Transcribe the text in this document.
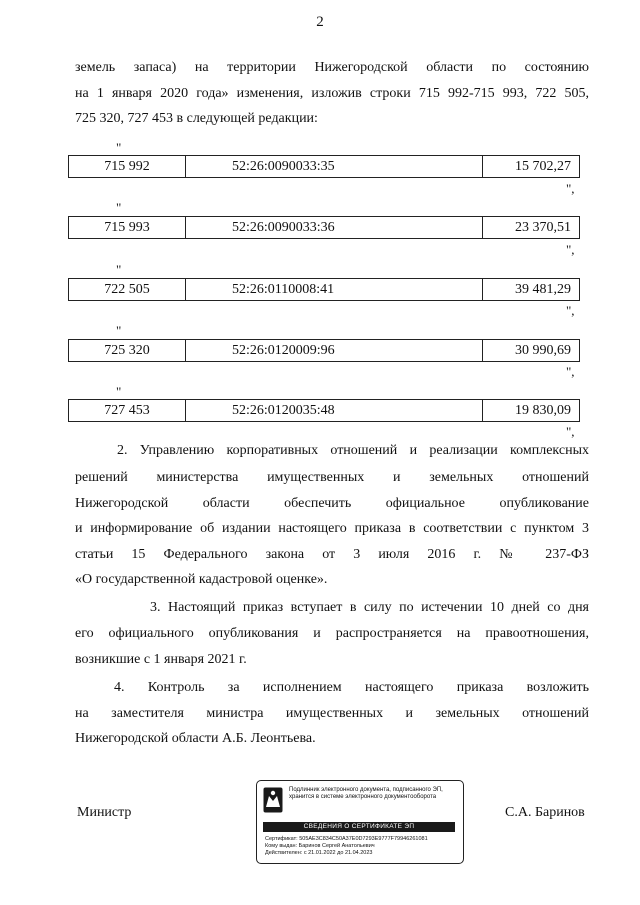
2
земель запаса) на территории Нижегородской области по состоянию
на 1 января 2020 года» изменения, изложив строки 715 992-715 993, 722 505,
725 320, 727 453 в следующей редакции:
"
715 992	52:26:0090033:35	15 702,27
",
"
715 993	52:26:0090033:36	23 370,51
",
"
722 505	52:26:0110008:41	39 481,29
",
"
725 320	52:26:0120009:96	30 990,69
",
"
727 453	52:26:0120035:48	19 830,09
",
2. Управлению корпоративных отношений и реализации комплексных
решений министерства имущественных и земельных отношений
Нижегородской области обеспечить официальное опубликование
и информирование об издании настоящего приказа в соответствии с пунктом 3
статьи 15 Федерального закона от 3 июля 2016 г. № 237-ФЗ
«О государственной кадастровой оценке».
3. Настоящий приказ вступает в силу по истечении 10 дней со дня
его официального опубликования и распространяется на правоотношения,
возникшие с 1 января 2021 г.
4. Контроль за исполнением настоящего приказа возложить
на заместителя министра имущественных и земельных отношений
Нижегородской области А.Б. Леонтьева.
Министр	С.А. Баринов
Подлинник электронного документа, подписанного ЭП, хранится в системе электронного документооборота
СВЕДЕНИЯ О СЕРТИФИКАТЕ ЭП
Сертификат: 505AE3C834C50A37E0D7293E9777F79946261081
Кому выдан: Баринов Сергей Анатольевич
Действителен: с 21.01.2022 до 21.04.2023
